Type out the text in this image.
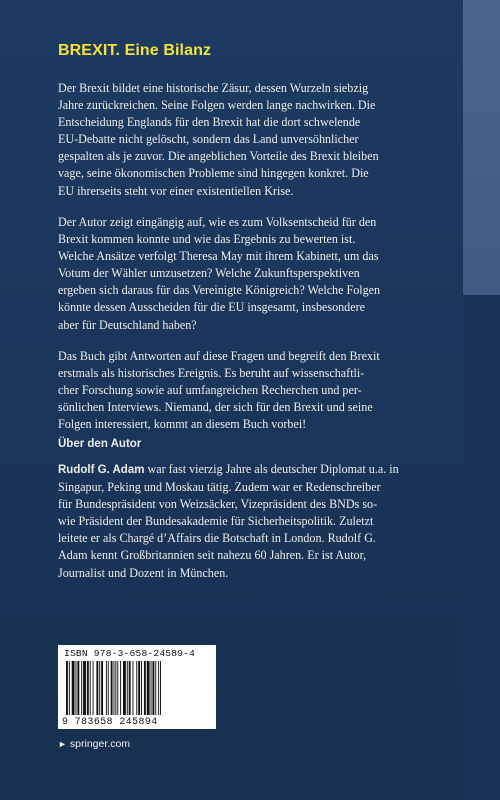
BREXIT. Eine Bilanz
Der Brexit bildet eine historische Zäsur, dessen Wurzeln siebzig
Jahre zurückreichen. Seine Folgen werden lange nachwirken. Die
Entscheidung Englands für den Brexit hat die dort schwelende
EU-Debatte nicht gelöscht, sondern das Land unversöhnlicher
gespalten als je zuvor. Die angeblichen Vorteile des Brexit bleiben
vage, seine ökonomischen Probleme sind hingegen konkret. Die
EU ihrerseits steht vor einer existentiellen Krise.
Der Autor zeigt eingängig auf, wie es zum Volksentscheid für den
Brexit kommen konnte und wie das Ergebnis zu bewerten ist.
Welche Ansätze verfolgt Theresa May mit ihrem Kabinett, um das
Votum der Wähler umzusetzen? Welche Zukunftsperspektiven
ergeben sich daraus für das Vereinigte Königreich? Welche Folgen
könnte dessen Ausscheiden für die EU insgesamt, insbesondere
aber für Deutschland haben?
Das Buch gibt Antworten auf diese Fragen und begreift den Brexit
erstmals als historisches Ereignis. Es beruht auf wissenschaftli-
cher Forschung sowie auf umfangreichen Recherchen und per-
sönlichen Interviews. Niemand, der sich für den Brexit und seine
Folgen interessiert, kommt an diesem Buch vorbei!
Über den Autor
Rudolf G. Adam war fast vierzig Jahre als deutscher Diplomat u.a. in
Singapur, Peking und Moskau tätig. Zudem war er Redenschreiber
für Bundespräsident von Weizsäcker, Vizepräsident des BNDs so-
wie Präsident der Bundesakademie für Sicherheitspolitik. Zuletzt
leitete er als Chargé d’Affairs die Botschaft in London. Rudolf G.
Adam kennt Großbritannien seit nahezu 60 Jahren. Er ist Autor,
Journalist und Dozent in München.
ISBN 978-3-658-24589-4
9 783658 245894
► springer.com
